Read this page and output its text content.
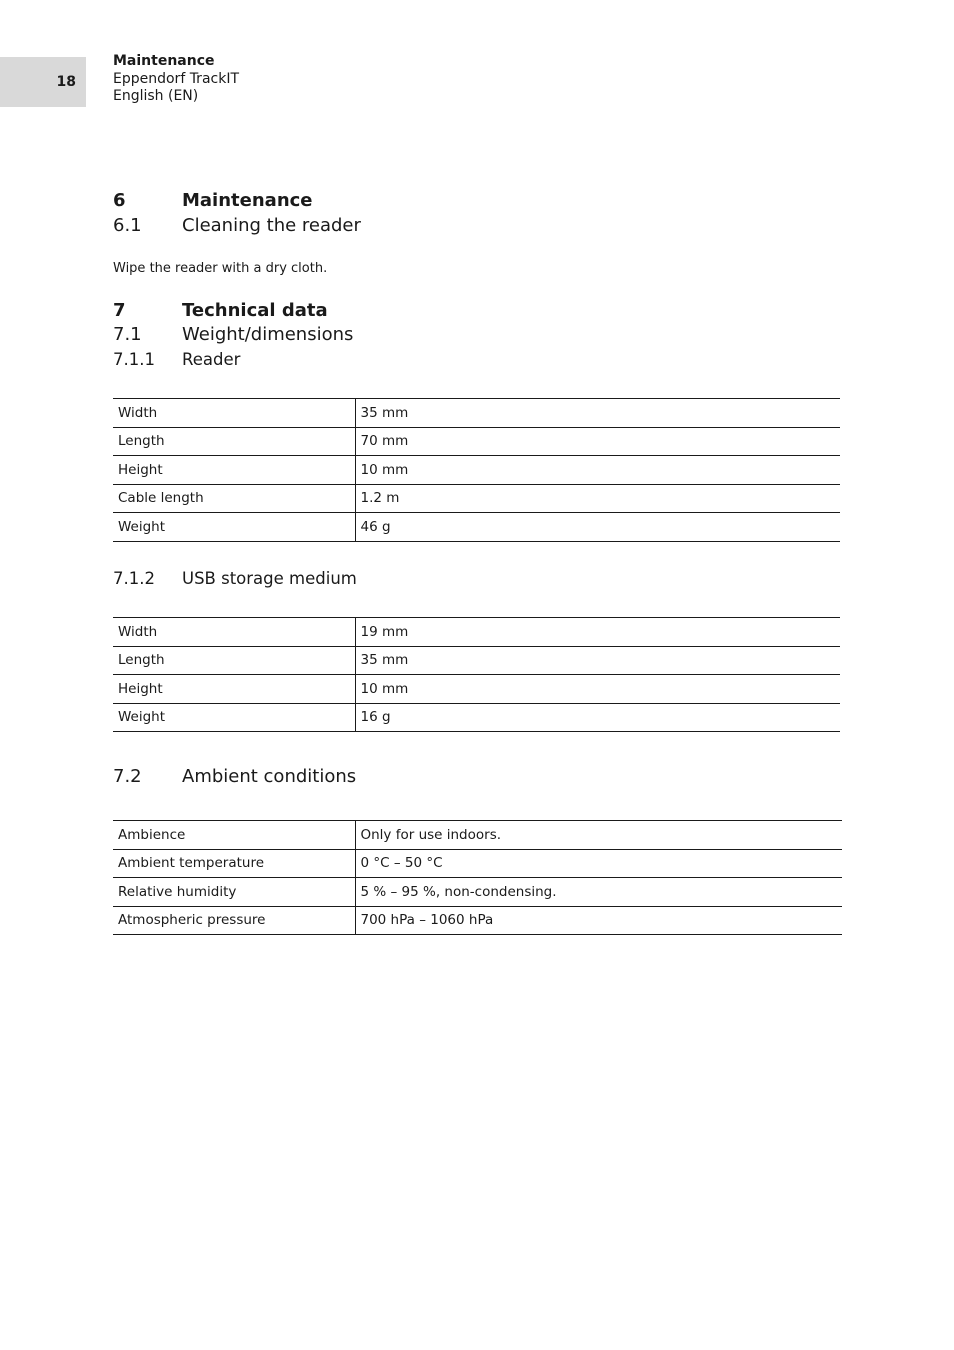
18
Maintenance
Eppendorf TrackIT
English (EN)
6	Maintenance
6.1 Cleaning the reader

Wipe the reader with a dry cloth.

7	Technical data
7.1 Weight/dimensions
7.1.1 Reader
Width	35 mm
Length	70 mm
Height	10 mm
Cable length	1.2 m
Weight	46 g
7.1.2 USB storage medium
Width	19 mm
Length	35 mm
Height	10 mm
Weight	16 g
7.2 Ambient conditions
Ambience	Only for use indoors.
Ambient temperature	0 °C – 50 °C
Relative humidity	5 % – 95 %, non-condensing.
Atmospheric pressure	700 hPa – 1060 hPa
